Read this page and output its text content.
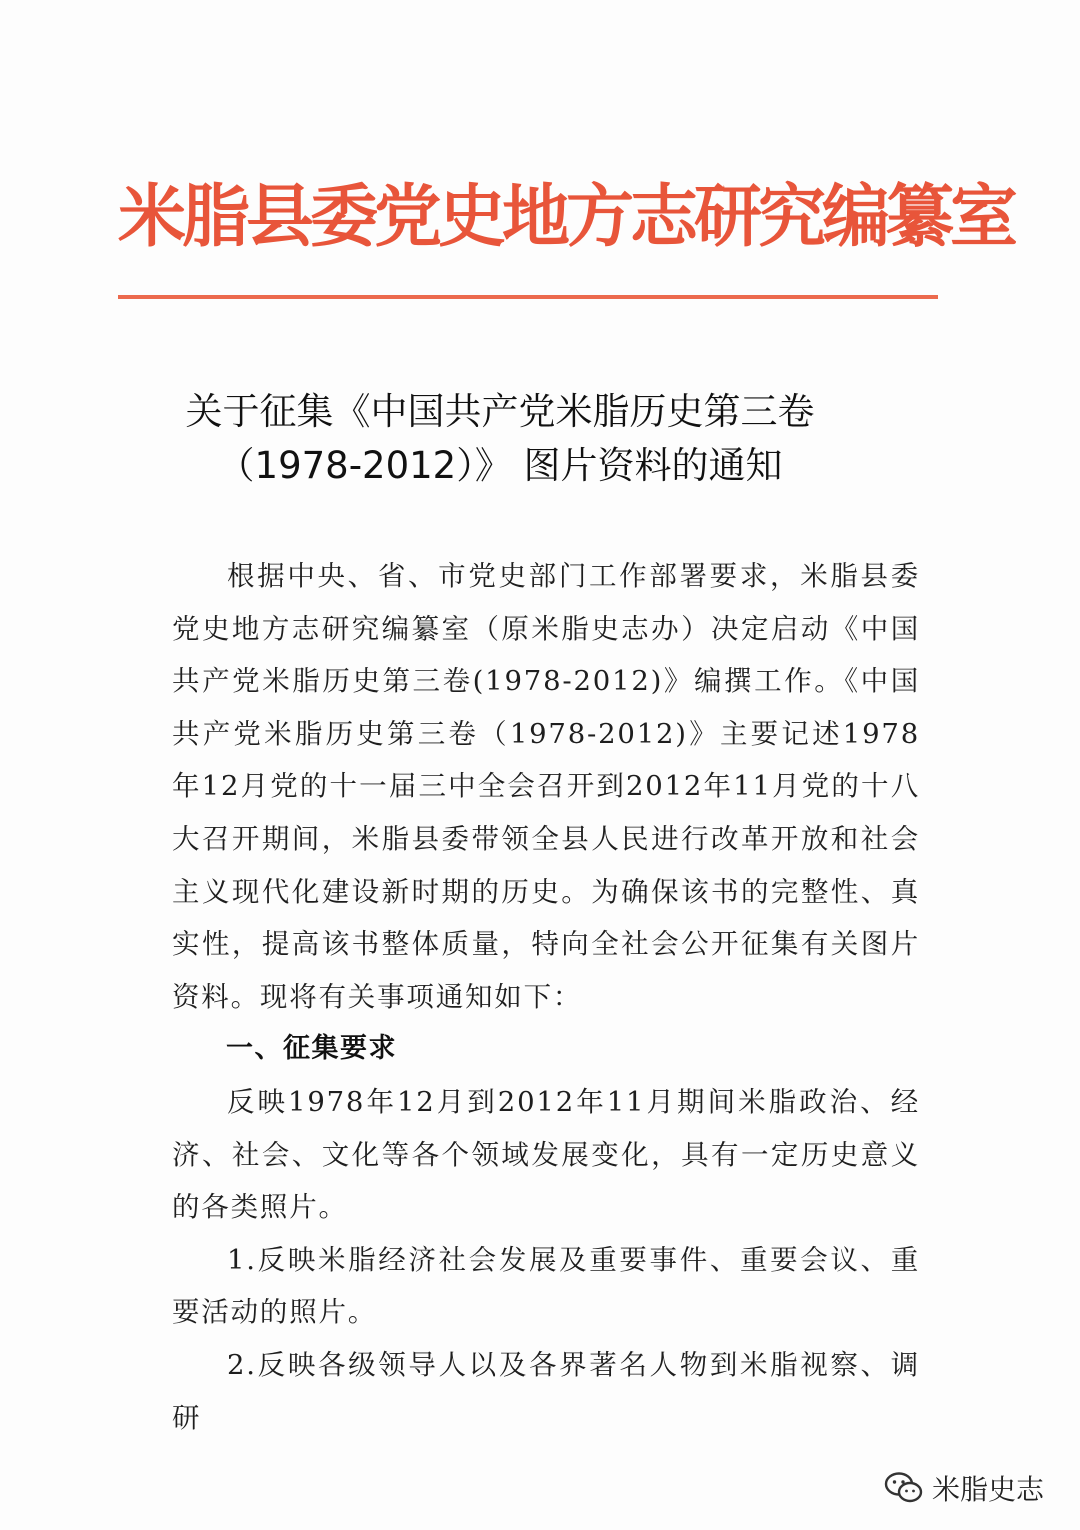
米脂县委党史地方志研究编纂室
关于征集《中国共产党米脂历史第三卷
（1978-2012）》 图片资料的通知

根据中央、省、市党史部门工作部署要求，米脂县委党史地方志研究编纂室（原米脂史志办）决定启动《中国共产党米脂历史第三卷(1978-2012)》编撰工作。《中国共产党米脂历史第三卷（1978-2012)》主要记述1978年12月党的十一届三中全会召开到2012年11月党的十八大召开期间，米脂县委带领全县人民进行改革开放和社会主义现代化建设新时期的历史。为确保该书的完整性、真实性，提高该书整体质量，特向全社会公开征集有关图片资料。现将有关事项通知如下：

一、征集要求

反映1978年12月到2012年11月期间米脂政治、经济、社会、文化等各个领域发展变化，具有一定历史意义的各类照片。

1.反映米脂经济社会发展及重要事件、重要会议、重要活动的照片。

2.反映各级领导人以及各界著名人物到米脂视察、调研

米脂史志
